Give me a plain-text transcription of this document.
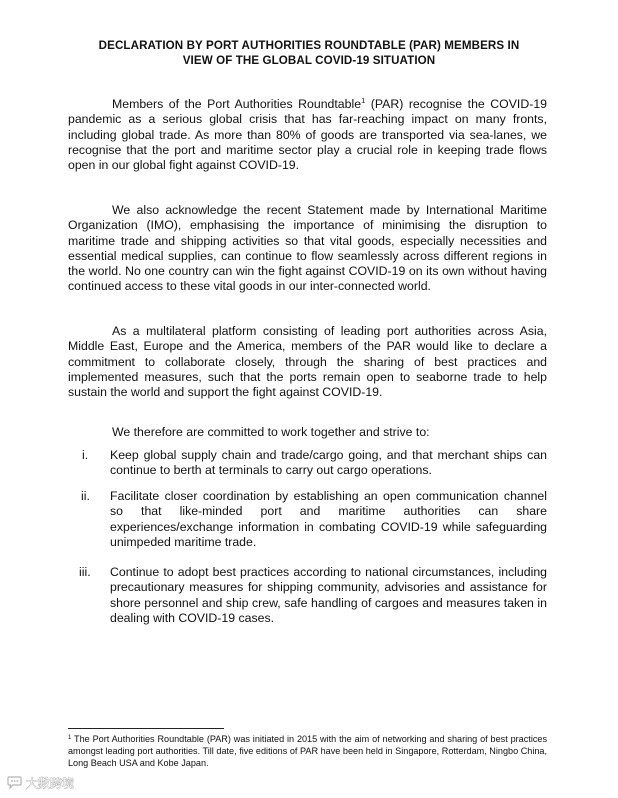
DECLARATION BY PORT AUTHORITIES ROUNDTABLE (PAR) MEMBERS IN
VIEW OF THE GLOBAL COVID-19 SITUATION
Members of the Port Authorities Roundtable$^1$ (PAR) recognise the COVID-19 pandemic as a serious global crisis that has far-reaching impact on many fronts, including global trade. As more than 80% of goods are transported via sea-lanes, we recognise that the port and maritime sector play a crucial role in keeping trade flows open in our global fight against COVID-19.
We also acknowledge the recent Statement made by International Maritime Organization (IMO), emphasising the importance of minimising the disruption to maritime trade and shipping activities so that vital goods, especially necessities and essential medical supplies, can continue to flow seamlessly across different regions in the world. No one country can win the fight against COVID-19 on its own without having continued access to these vital goods in our inter-connected world.
As a multilateral platform consisting of leading port authorities across Asia, Middle East, Europe and the America, members of the PAR would like to declare a commitment to collaborate closely, through the sharing of best practices and implemented measures, such that the ports remain open to seaborne trade to help sustain the world and support the fight against COVID-19.
We therefore are committed to work together and strive to:
i.	Keep global supply chain and trade/cargo going, and that merchant ships can continue to berth at terminals to carry out cargo operations.
ii.	Facilitate closer coordination by establishing an open communication channel so that like-minded port and maritime authorities can share experiences/exchange information in combating COVID-19 while safeguarding unimpeded maritime trade.
iii.	Continue to adopt best practices according to national circumstances, including precautionary measures for shipping community, advisories and assistance for shore personnel and ship crew, safe handling of cargoes and measures taken in dealing with COVID-19 cases.
$^1$ The Port Authorities Roundtable (PAR) was initiated in 2015 with the aim of networking and sharing of best practices amongst leading port authorities. Till date, five editions of PAR have been held in Singapore, Rotterdam, Ningbo China, Long Beach USA and Kobe Japan.
大數跨境
